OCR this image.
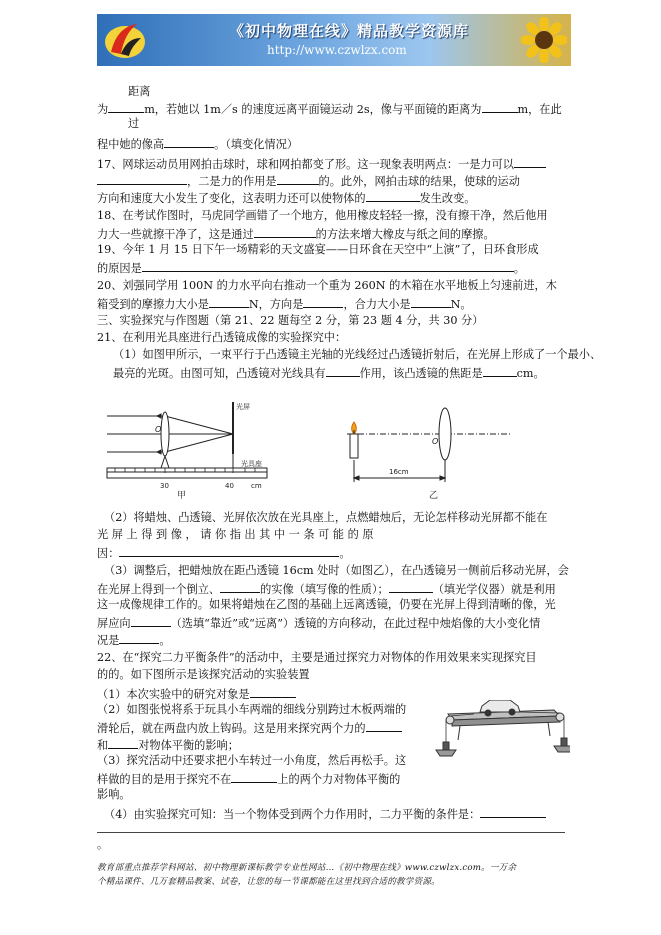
《初中物理在线》精品教学资源库
http://www.czwlzx.com
距离
为	m，若她以 1m／s 的速度远离平面镜运动 2s，像与平面镜的距离为	m，在此
过
程中她的像高	。（填变化情况）
17、网球运动员用网拍击球时，球和网拍都变了形。这一现象表明两点：一是力可以
，二是力的作用是	的。此外，网拍击球的结果，使球的运动
方向和速度大小发生了变化，这表明力还可以使物体的	发生改变。
18、在考试作图时，马虎同学画错了一个地方，他用橡皮轻轻一擦，没有擦干净，然后他用
力大一些就擦干净了，这是通过	的方法来增大橡皮与纸之间的摩擦。
19、今年 1 月 15 日下午一场精彩的天文盛宴——日环食在天空中“上演”了，日环食形成
的原因是	。
20、刘强同学用 100N 的力水平向右推动一个重为 260N 的木箱在水平地板上匀速前进，木
箱受到的摩擦力大小是	N，方向是	，合力大小是	N。
三、实验探究与作图题（第 21、22 题每空 2 分，第 23 题 4 分，共 30 分）
21、在利用光具座进行凸透镜成像的实验探究中：
（1）如图甲所示，一束平行于凸透镜主光轴的光线经过凸透镜折射后，在光屏上形成了一个最小、
最亮的光斑。由图可知，凸透镜对光线具有	作用，该凸透镜的焦距是	cm。
光屏
光具座
O
30	40 cm
甲
O
16cm
乙
（2）将蜡烛、凸透镜、光屏依次放在光具座上，点燃蜡烛后，无论怎样移动光屏都不能在
光 屏 上 得 到 像 ， 请 你 指 出 其 中 一 条 可 能 的 原
因：	。
（3）调整后，把蜡烛放在距凸透镜 16cm 处时（如图乙），在凸透镜另一侧前后移动光屏，会
在光屏上得到一个倒立、	的实像（填写像的性质）；	（填光学仪器）就是利用
这一成像规律工作的。如果将蜡烛在乙图的基础上远离透镜，仍要在光屏上得到清晰的像，光
屏应向	（选填“靠近”或“远离”）透镜的方向移动，在此过程中烛焰像的大小变化情
况是	。
22、在“探究二力平衡条件”的活动中，主要是通过探究力对物体的作用效果来实现探究目
的的。如下图所示是该探究活动的实验装置
（1）本次实验中的研究对象是
（2）如图张悦将系于玩具小车两端的细线分别跨过木板两端的
滑轮后，就在两盘内放上钩码。这是用来探究两个力的
和	对物体平衡的影响；
（3）探究活动中还要求把小车转过一小角度，然后再松手。这
样做的目的是用于探究不在	上的两个力对物体平衡的
影响。
（4）由实验探究可知：当一个物体受到两个力作用时，二力平衡的条件是：
。
教育部重点推荐学科网站、初中物理新课标教学专业性网站…《初中物理在线》www.czwlzx.com。一万余
个精品课件、几万套精品教案、试卷，让您的每一节课都能在这里找到合适的教学资源。
